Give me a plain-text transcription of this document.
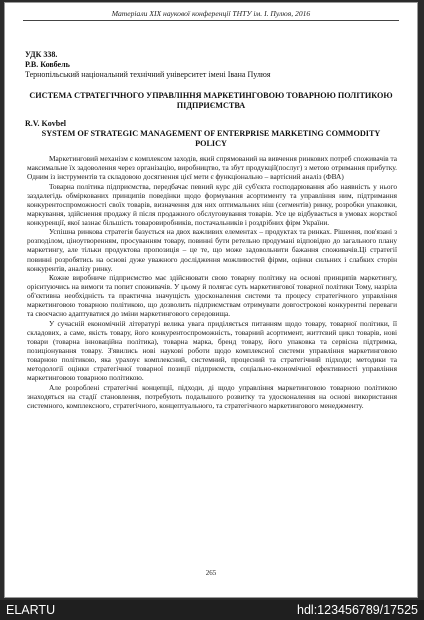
Матеріали XIX наукової конференції ТНТУ ім. І. Пулюя, 2016
УДК 338.
Р.В. Ковбель
Тернопільський національний технічний університет імені Івана Пулюя
СИСТЕМА СТРАТЕГІЧНОГО УПРАВЛІННЯ МАРКЕТИНГОВОЮ ТОВАРНОЮ ПОЛІТИКОЮ ПІДПРИЄМСТВА
R.V. Kovbel
SYSTEM OF STRATEGIC MANAGEMENT OF ENTERPRISE MARKETING COMMODITY POLICY

Маркетинговий механізм є комплексом заходів, який спрямований на вивчення ринкових потреб споживачів та максимальне їх задоволення через організацію, виробництво, та збут продукції(послуг) з метою отримання прибутку. Одним із інструментів та складовою досягнення цієї мети є функціонально – вартісний аналіз (ФВА)

Товарна політика підприємства, передбачає певний курс дій суб'єкта господарювання або наявність у нього заздалегідь обміркованих принципів поведінки щодо формування асортименту та управління ним, підтримання конкурентоспроможності своїх товарів, визначення для них оптимальних ніш (сегментів) ринку, розробки упаковки, маркування, здійснення продажу й після продажного обслуговування товарів. Усе це відбувається в умовах жорсткої конкуренції, якої зазнає більшість товаровиробників, постачальників і роздрібних фірм України.

Успішна ринкова стратегія базується на двох важливих елементах – продуктах та ринках. Рішення, пов'язані з розподілом, ціноутворенням, просуванням товару, повинні бути ретельно продумані відповідно до загального плану маркетингу, але тільки продуктова пропозиція – це те, що може задовольнити бажання споживачів.Ці стратегії повинні розробятись на основі дуже уважного дослідження можливостей фірми, оцінки сильних і слабких сторін конкурентів, аналізу ринку.

Кожне виробниче підприємство має здійснювати свою товарну політику на основі принципів маркетингу, орієнтуючись на вимоги та попит споживачів. У цьому й полягає суть маркетингової товарної політики Тому, назріла об'єктивна необхідність та практична значущість удосконалення системи та процесу стратегічного управління маркетинговою товарною політикою, що дозволить підприємствам отримувати довгострокові конкурентні переваги та своєчасно адаптуватися до зміни маркетингового середовища.

У сучасній економічній літературі велика увага приділяється питанням щодо товару, товарної політики, її складових, а саме, якість товару, його конкурентоспроможність, товарний асортимент, життєвий цикл товарів, нові товари (товарна інноваційна політика), товарна марка, бренд товару, його упаковка та сервісна підтримка, позиціонування товару. З'явились нові наукові роботи щодо комплексної системи управління маркетинговою товарною політикою, яка урахоує комплексний, системний, процесний та стратегічний підходи; методики та методології оцінки стратегічної товарної позиції підприємств, соціально-економічної ефективності управління маркетинговою товарною політикою.

Але розроблені стратегічні концепції, підходи, ді щодо управління маркетинговою товарною політикою знаходяться на стадії становлення, потребують подальшого розвитку та удосконалення на основі використання системного, комплексного, стратегічного, концептуального, та стратегічного маркетингового менеджменту.

265
ELARTU	hdl:123456789/17525
